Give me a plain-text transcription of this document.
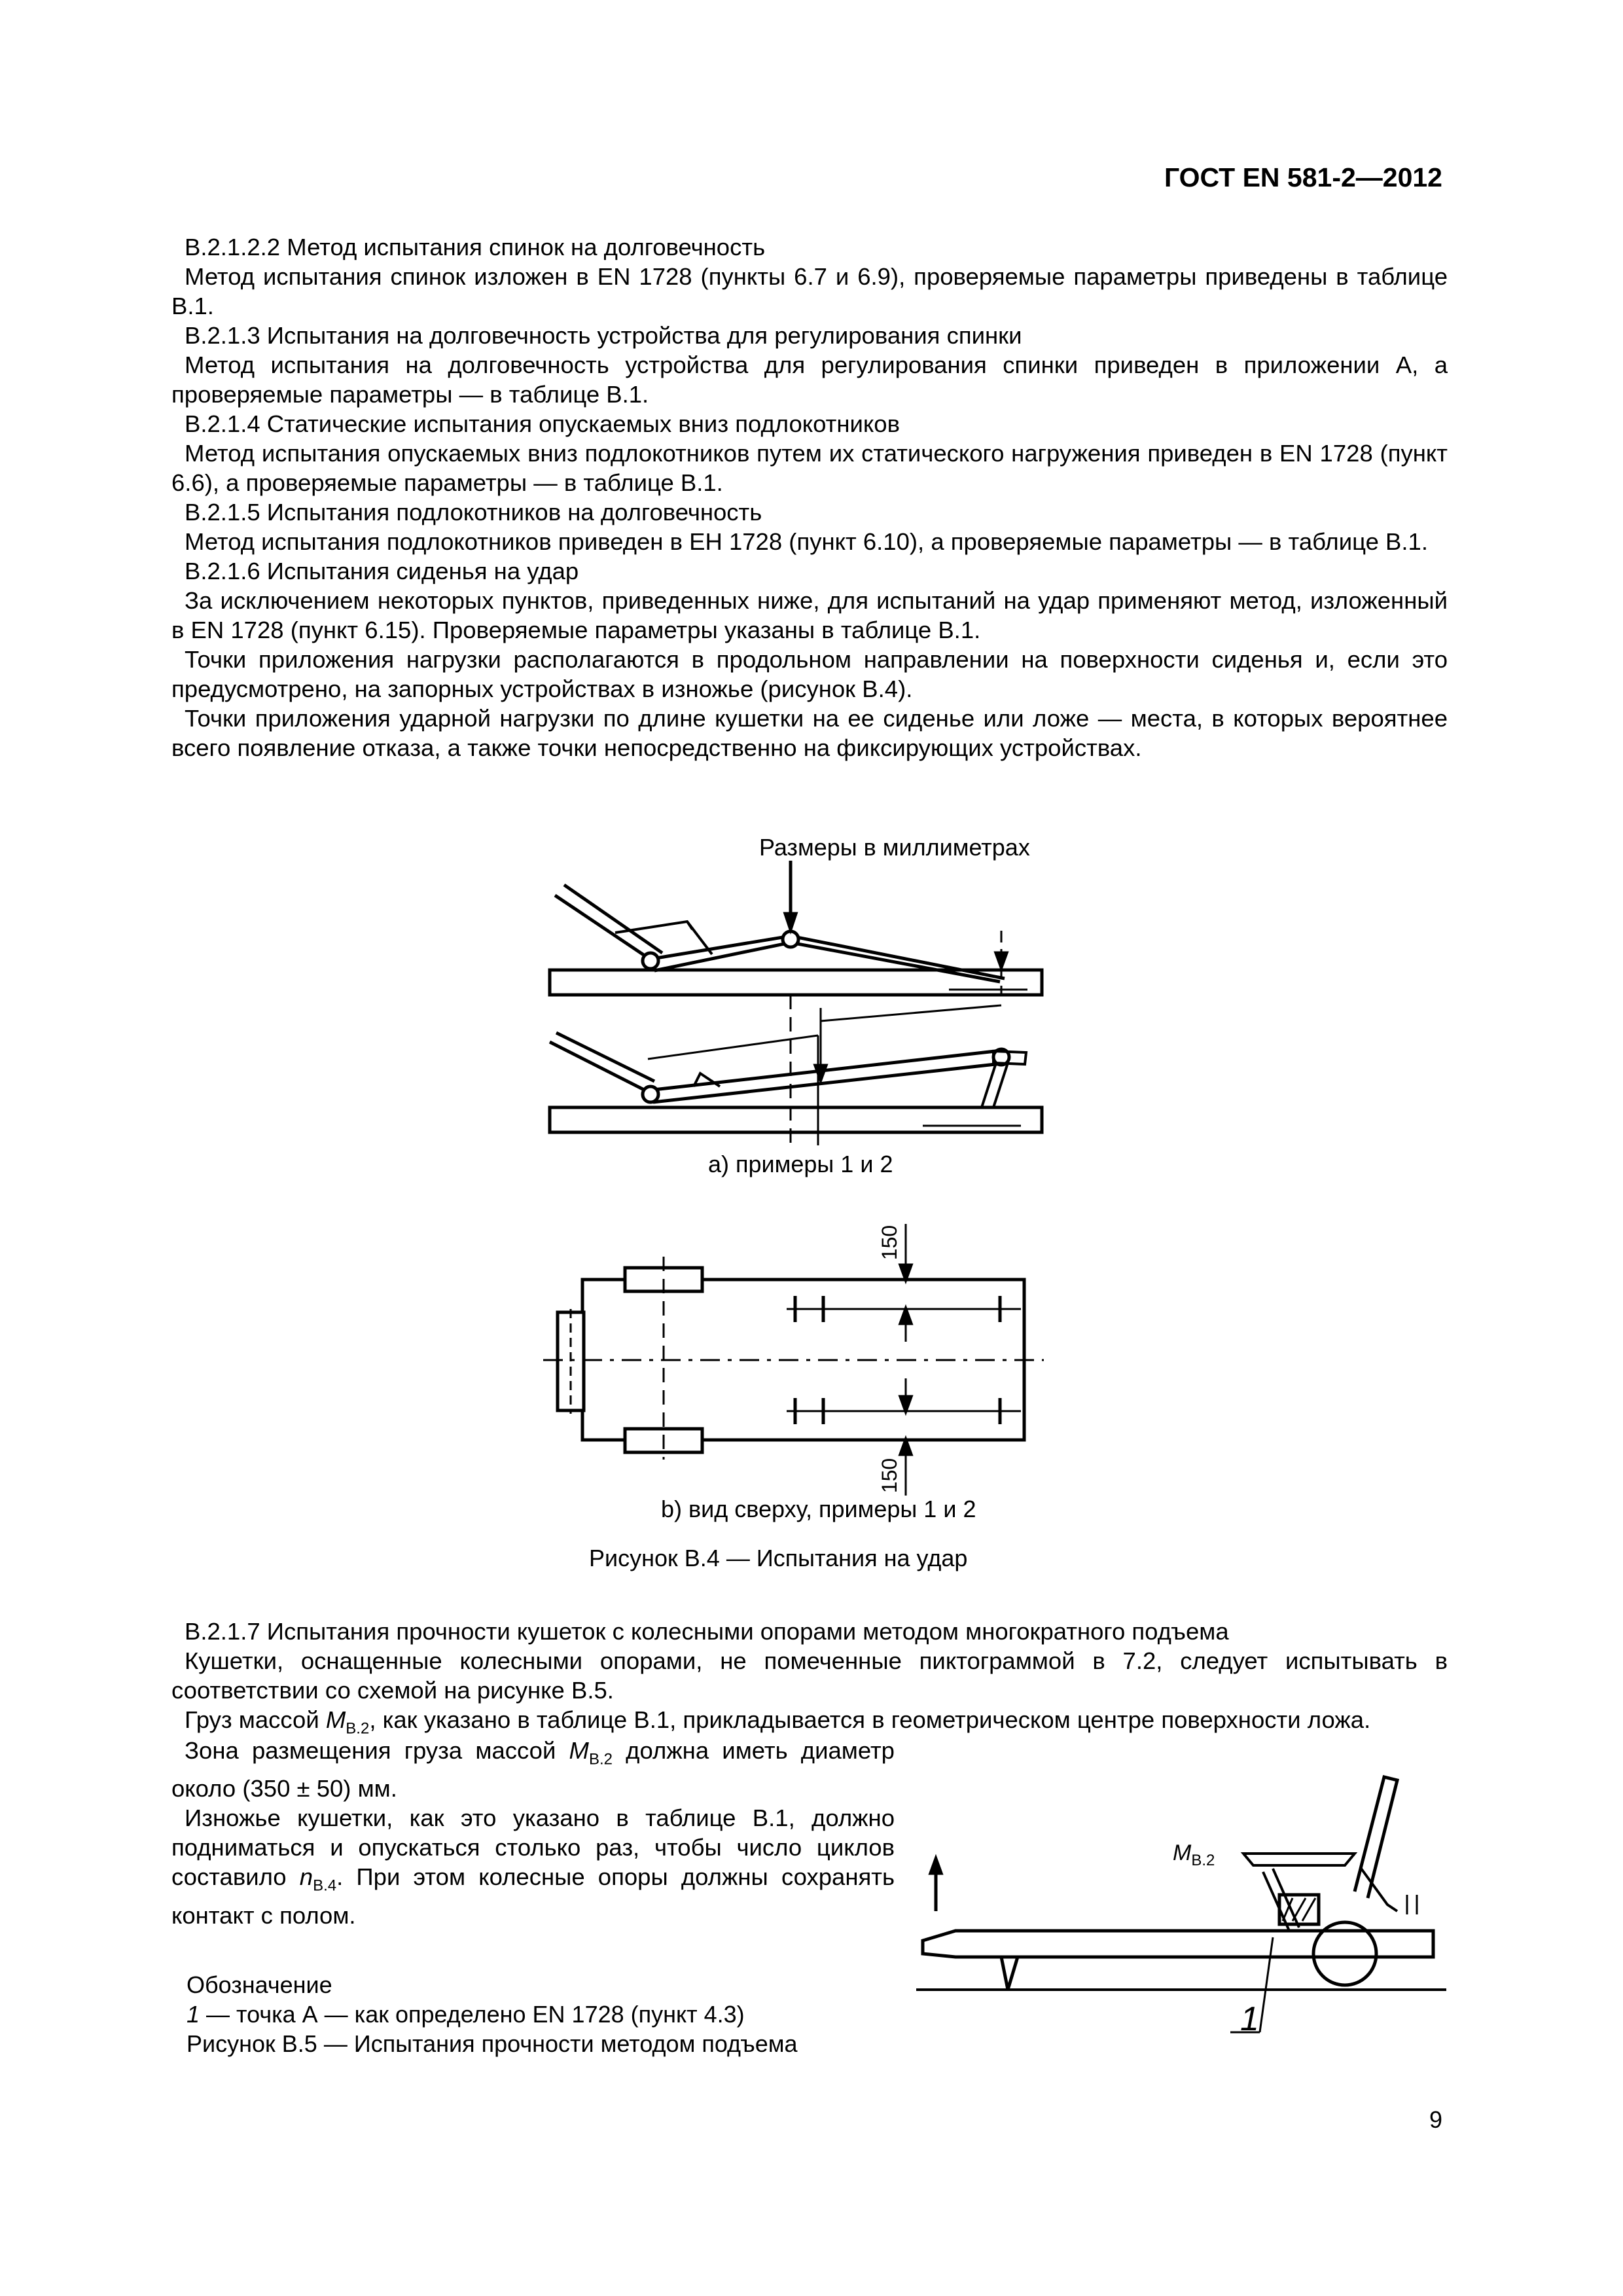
ГОСТ EN 581-2—2012

В.2.1.2.2 Метод испытания спинок на долговечность

Метод испытания спинок изложен в EN 1728 (пункты 6.7 и 6.9), проверяемые параметры приведены в таблице В.1.

В.2.1.3 Испытания на долговечность устройства для регулирования спинки

Метод испытания на долговечность устройства для регулирования спинки приведен в приложении А, а проверяемые параметры — в таблице В.1.

В.2.1.4 Статические испытания опускаемых вниз подлокотников

Метод испытания опускаемых вниз подлокотников путем их статического нагружения приведен в EN 1728 (пункт 6.6), а проверяемые параметры — в таблице В.1.

В.2.1.5 Испытания подлокотников на долговечность

Метод испытания подлокотников приведен в ЕН 1728 (пункт 6.10), а проверяемые параметры — в таблице В.1.

В.2.1.6 Испытания сиденья на удар

За исключением некоторых пунктов, приведенных ниже, для испытаний на удар применяют метод, изложенный в EN 1728 (пункт 6.15). Проверяемые параметры указаны в таблице В.1.

Точки приложения нагрузки располагаются в продольном направлении на поверхности сиденья и, если это предусмотрено, на запорных устройствах в изножье (рисунок В.4).

Точки приложения ударной нагрузки по длине кушетки на ее сиденье или ложе — места, в которых вероятнее всего появление отказа, а также точки непосредственно на фиксирующих устройствах.

Размеры в миллиметрах
а) примеры 1 и 2
150
150
b) вид сверху, примеры 1 и 2
Рисунок В.4 — Испытания на удар

В.2.1.7 Испытания прочности кушеток с колесными опорами методом многократного подъема

Кушетки, оснащенные колесными опорами, не помеченные пиктограммой в 7.2, следует испытывать в соответствии со схемой на рисунке В.5.

Груз массой $M_{В.2}$, как указано в таблице В.1, прикладывается в геометрическом центре поверхности ложа.

Зона размещения груза массой $M_{В.2}$ должна иметь диаметр около (350 ± 50) мм.

Изножье кушетки, как это указано в таблице В.1, должно подниматься и опускаться столько раз, чтобы число циклов составило $n_{В.4}$. При этом колесные опоры должны сохранять контакт с полом.

$M_{В.2}$
1
Обозначение
1 — точка А — как определено EN 1728 (пункт 4.3)
Рисунок В.5 — Испытания прочности методом подъема
9
